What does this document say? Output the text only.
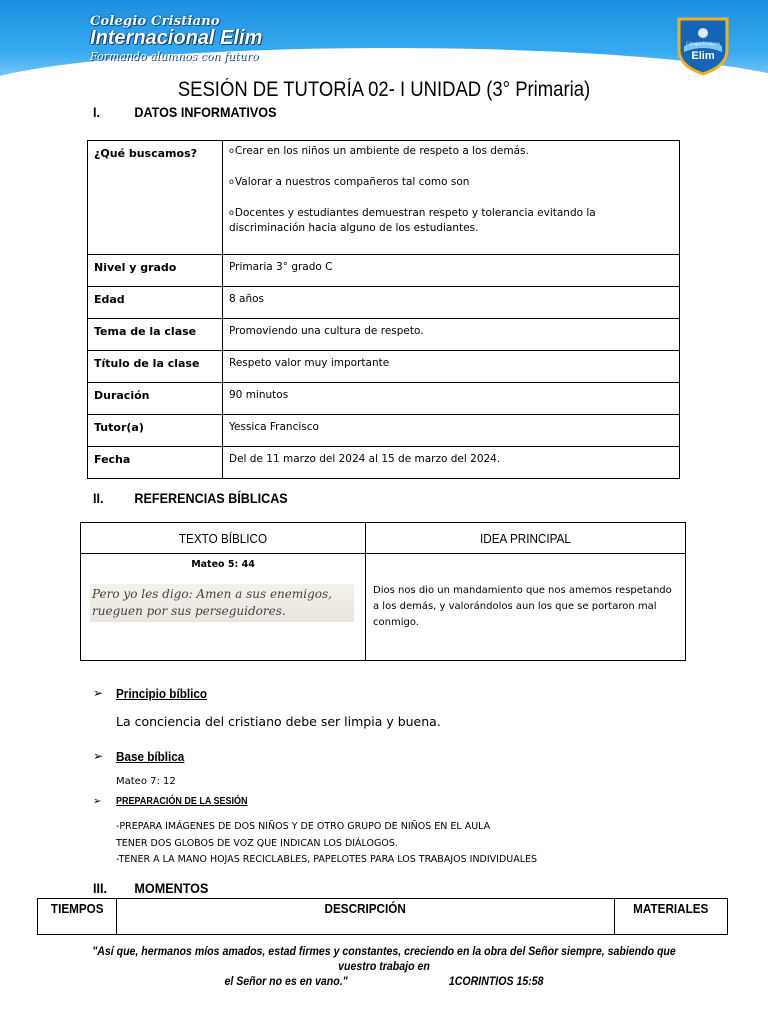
Colegio Cristiano
Internacional Elim
Formando alumnos con futuro
Colegio Cristiano
Elim
SESIÓN DE TUTORÍA 02- I UNIDAD (3° Primaria)
I. DATOS INFORMATIVOS
¿Qué buscamos?	oCrear en los niños un ambiente de respeto a los demás.
oValorar a nuestros compañeros tal como son
oDocentes y estudiantes demuestran respeto y tolerancia evitando la discriminación hacia alguno de los estudiantes.

Nivel y grado	Primaria 3° grado C
Edad	8 años
Tema de la clase	Promoviendo una cultura de respeto.
Título de la clase	Respeto valor muy importante
Duración	90 minutos
Tutor(a)	Yessica Francisco
Fecha	Del de 11 marzo del 2024 al 15 de marzo del 2024.
II. REFERENCIAS BÍBLICAS
TEXTO BÍBLICO	IDEA PRINCIPAL

Mateo 5: 44
Pero yo les digo: Amen a sus enemigos, rueguen por sus perseguidores.	Dios nos dio un mandamiento que nos amemos respetando a los demás, y valorándolos aun los que se portaron mal conmigo.
➢ Principio bíblico
La conciencia del cristiano debe ser limpia y buena.
➢ Base bíblica
Mateo 7: 12
➢ PREPARACIÓN DE LA SESIÓN
-PREPARA IMÁGENES DE DOS NIÑOS Y DE OTRO GRUPO DE NIÑOS EN EL AULA
TENER DOS GLOBOS DE VOZ QUE INDICAN LOS DIÁLOGOS.
-TENER A LA MANO HOJAS RECICLABLES, PAPELOTES PARA LOS TRABAJOS INDIVIDUALES
III. MOMENTOS
TIEMPOS	DESCRIPCIÓN	MATERIALES
"Así que, hermanos míos amados, estad firmes y constantes, creciendo en la obra del Señor siempre, sabiendo que vuestro trabajo en
el Señor no es en vano."	1CORINTIOS 15:58
